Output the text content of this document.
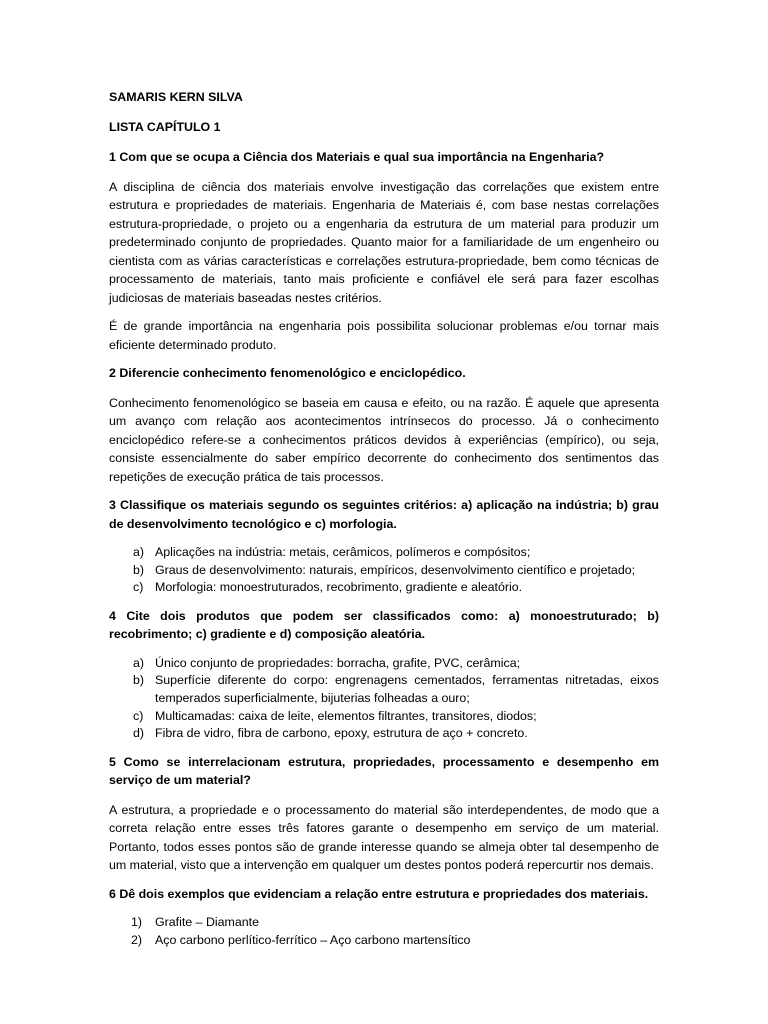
SAMARIS KERN SILVA
LISTA CAPÍTULO 1
1 Com que se ocupa a Ciência dos Materiais e qual sua importância na Engenharia?

A disciplina de ciência dos materiais envolve investigação das correlações que existem entre estrutura e propriedades de materiais. Engenharia de Materiais é, com base nestas correlações estrutura-propriedade, o projeto ou a engenharia da estrutura de um material para produzir um predeterminado conjunto de propriedades. Quanto maior for a familiaridade de um engenheiro ou cientista com as várias características e correlações estrutura-propriedade, bem como técnicas de processamento de materiais, tanto mais proficiente e confiável ele será para fazer escolhas judiciosas de materiais baseadas nestes critérios.

É de grande importância na engenharia pois possibilita solucionar problemas e/ou tornar mais eficiente determinado produto.

2 Diferencie conhecimento fenomenológico e enciclopédico.

Conhecimento fenomenológico se baseia em causa e efeito, ou na razão. É aquele que apresenta um avanço com relação aos acontecimentos intrínsecos do processo. Já o conhecimento enciclopédico refere-se a conhecimentos práticos devidos à experiências (empírico), ou seja, consiste essencialmente do saber empírico decorrente do conhecimento dos sentimentos das repetições de execução prática de tais processos.

3 Classifique os materiais segundo os seguintes critérios: a) aplicação na indústria; b) grau de desenvolvimento tecnológico e c) morfologia.
a) Aplicações na indústria: metais, cerâmicos, polímeros e compósitos;
b) Graus de desenvolvimento: naturais, empíricos, desenvolvimento científico e projetado;
c) Morfologia: monoestruturados, recobrimento, gradiente e aleatório.
4 Cite dois produtos que podem ser classificados como: a) monoestruturado; b) recobrimento; c) gradiente e d) composição aleatória.
a) Único conjunto de propriedades: borracha, grafite, PVC, cerâmica;
b) Superfície diferente do corpo: engrenagens cementados, ferramentas nitretadas, eixos temperados superficialmente, bijuterias folheadas a ouro;
c) Multicamadas: caixa de leite, elementos filtrantes, transitores, diodos;
d) Fibra de vidro, fibra de carbono, epoxy, estrutura de aço + concreto.
5 Como se interrelacionam estrutura, propriedades, processamento e desempenho em serviço de um material?

A estrutura, a propriedade e o processamento do material são interdependentes, de modo que a correta relação entre esses três fatores garante o desempenho em serviço de um material. Portanto, todos esses pontos são de grande interesse quando se almeja obter tal desempenho de um material, visto que a intervenção em qualquer um destes pontos poderá repercurtir nos demais.

6 Dê dois exemplos que evidenciam a relação entre estrutura e propriedades dos materiais.
1) Grafite – Diamante
2) Aço carbono perlítico-ferrítico – Aço carbono martensítico
